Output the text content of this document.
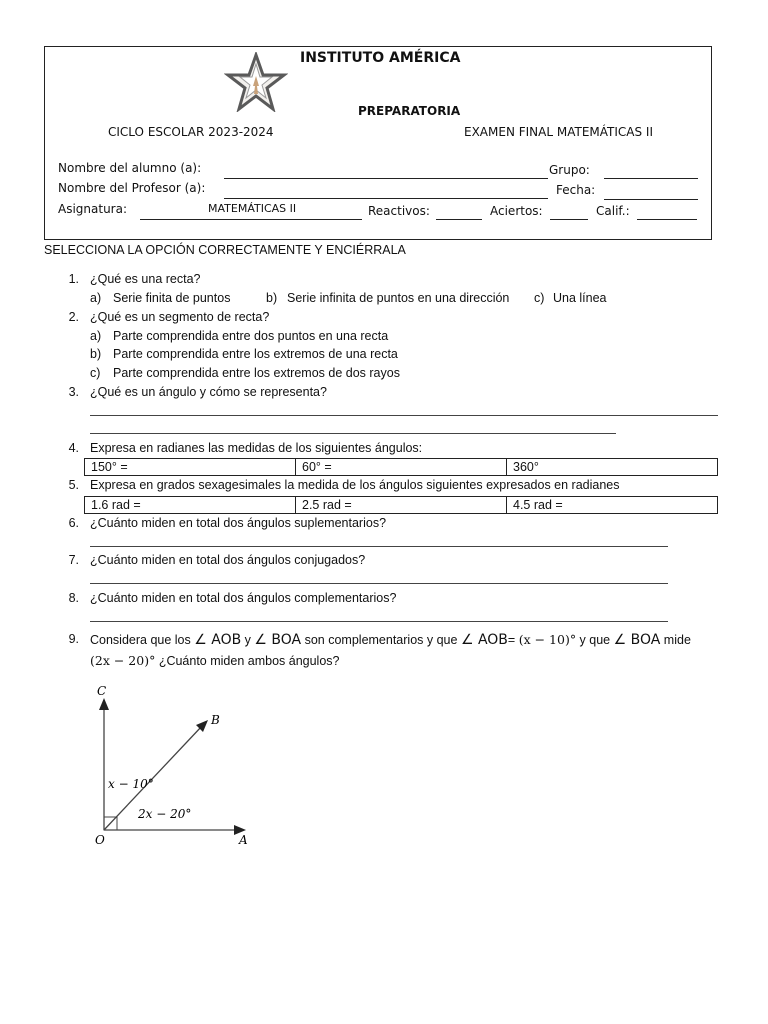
INSTITUTO AMÉRICA
PREPARATORIA
CICLO ESCOLAR 2023-2024	EXAMEN FINAL MATEMÁTICAS II
Nombre del alumno (a):	Grupo:
Nombre del Profesor (a):	Fecha:
Asignatura:	MATEMÁTICAS II	Reactivos:	Aciertos:	Calif.:
SELECCIONA LA OPCIÓN CORRECTAMENTE Y ENCIÉRRALA
1. ¿Qué es una recta?
a) Serie finita de puntos	b) Serie infinita de puntos en una dirección c) Una línea
2. ¿Qué es un segmento de recta?
a) Parte comprendida entre dos puntos en una recta
b) Parte comprendida entre los extremos de una recta
c) Parte comprendida entre los extremos de dos rayos
3. ¿Qué es un ángulo y cómo se representa?
4. Expresa en radianes las medidas de los siguientes ángulos:
150° =	60° =	360°
5. Expresa en grados sexagesimales la medida de los ángulos siguientes expresados en radianes
1.6 rad =	2.5 rad =	4.5 rad =
6. ¿Cuánto miden en total dos ángulos suplementarios?
7. ¿Cuánto miden en total dos ángulos conjugados?
8. ¿Cuánto miden en total dos ángulos complementarios?
9. Considera que los ∠ AOB y ∠ BOA son complementarios y que ∠ AOB= (x − 10)° y que ∠ BOA mide
(2x − 20)° ¿Cuánto miden ambos ángulos?
C
B
O	A
x − 10°
2x − 20°
